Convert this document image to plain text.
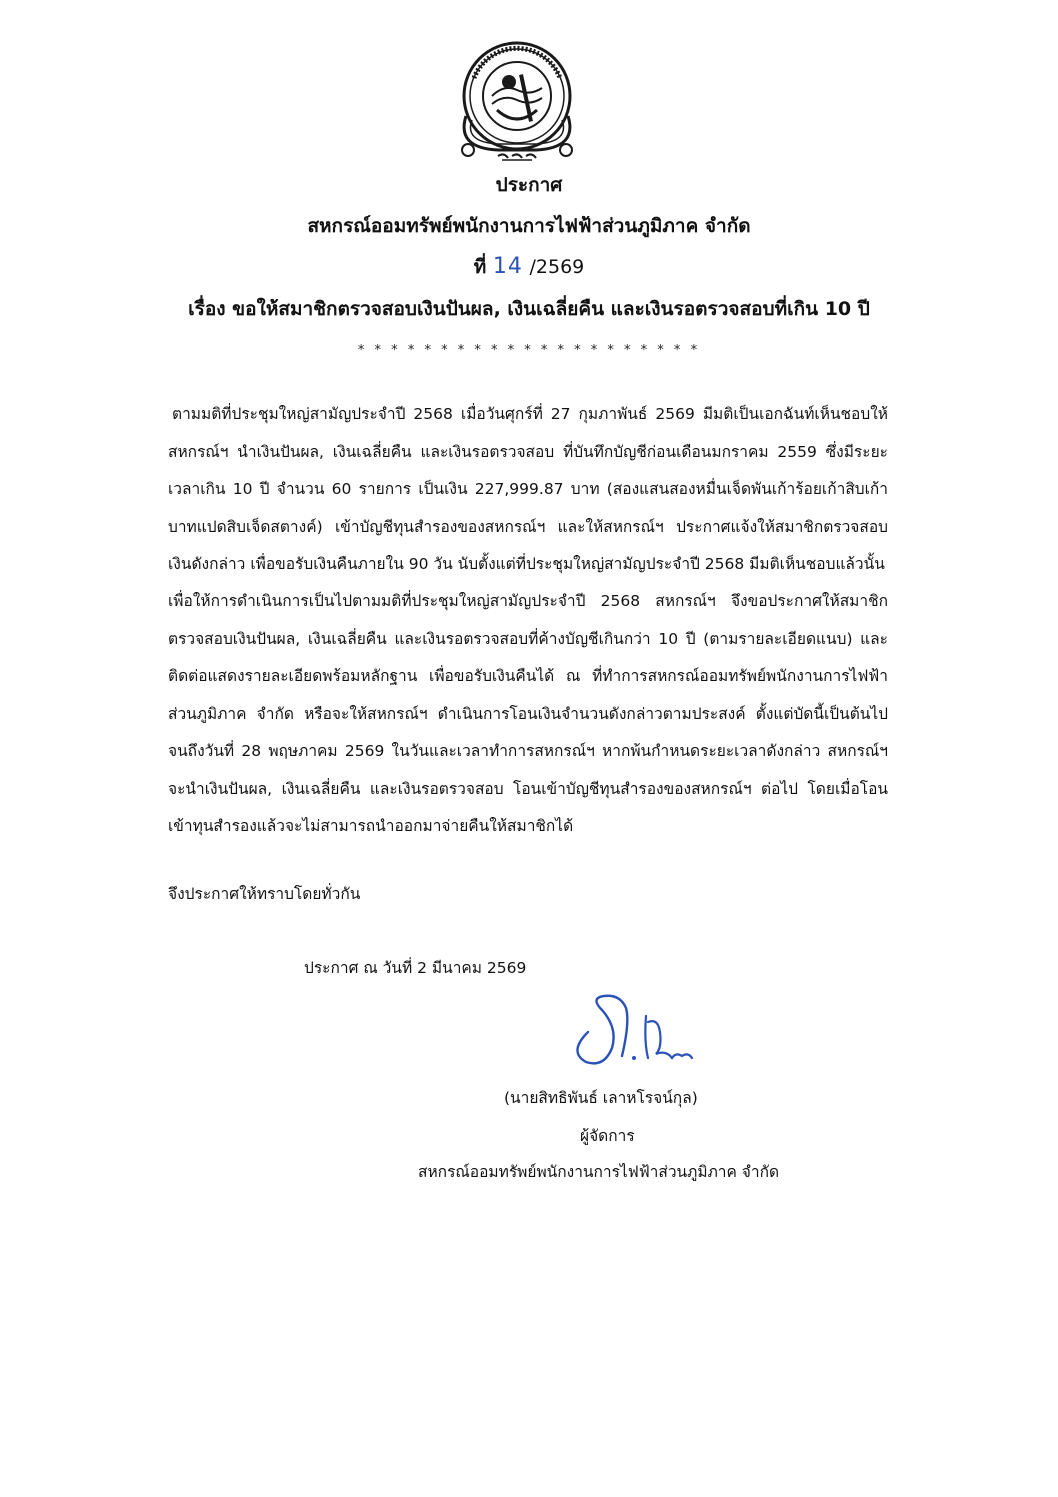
ประกาศ
สหกรณ์ออมทรัพย์พนักงานการไฟฟ้าส่วนภูมิภาค จำกัด
ที่ 14 /2569
เรื่อง ขอให้สมาชิกตรวจสอบเงินปันผล, เงินเฉลี่ยคืน และเงินรอตรวจสอบที่เกิน 10 ปี
* * * * * * * * * * * * * * * * * * * * *

ตามมติที่ประชุมใหญ่สามัญประจำปี 2568 เมื่อวันศุกร์ที่ 27 กุมภาพันธ์ 2569 มีมติเป็นเอกฉันท์เห็นชอบให้สหกรณ์ฯ นำเงินปันผล, เงินเฉลี่ยคืน และเงินรอตรวจสอบ ที่บันทึกบัญชีก่อนเดือนมกราคม 2559 ซึ่งมีระยะเวลาเกิน 10 ปี จำนวน 60 รายการ เป็นเงิน 227,999.87 บาท (สองแสนสองหมื่นเจ็ดพันเก้าร้อยเก้าสิบเก้าบาทแปดสิบเจ็ดสตางค์) เข้าบัญชีทุนสำรองของสหกรณ์ฯ และให้สหกรณ์ฯ ประกาศแจ้งให้สมาชิกตรวจสอบเงินดังกล่าว เพื่อขอรับเงินคืนภายใน 90 วัน นับตั้งแต่ที่ประชุมใหญ่สามัญประจำปี 2568 มีมติเห็นชอบแล้วนั้น

เพื่อให้การดำเนินการเป็นไปตามมติที่ประชุมใหญ่สามัญประจำปี 2568 สหกรณ์ฯ จึงขอประกาศให้สมาชิกตรวจสอบเงินปันผล, เงินเฉลี่ยคืน และเงินรอตรวจสอบที่ค้างบัญชีเกินกว่า 10 ปี (ตามรายละเอียดแนบ) และติดต่อแสดงรายละเอียดพร้อมหลักฐาน เพื่อขอรับเงินคืนได้ ณ ที่ทำการสหกรณ์ออมทรัพย์พนักงานการไฟฟ้าส่วนภูมิภาค จำกัด หรือจะให้สหกรณ์ฯ ดำเนินการโอนเงินจำนวนดังกล่าวตามประสงค์ ตั้งแต่บัดนี้เป็นต้นไปจนถึงวันที่ 28 พฤษภาคม 2569 ในวันและเวลาทำการสหกรณ์ฯ หากพ้นกำหนดระยะเวลาดังกล่าว สหกรณ์ฯ จะนำเงินปันผล, เงินเฉลี่ยคืน และเงินรอตรวจสอบ โอนเข้าบัญชีทุนสำรองของสหกรณ์ฯ ต่อไป โดยเมื่อโอนเข้าทุนสำรองแล้วจะไม่สามารถนำออกมาจ่ายคืนให้สมาชิกได้

จึงประกาศให้ทราบโดยทั่วกัน
ประกาศ ณ วันที่ 2 มีนาคม 2569
(นายสิทธิพันธ์ เลาหโรจน์กุล)
ผู้จัดการ
สหกรณ์ออมทรัพย์พนักงานการไฟฟ้าส่วนภูมิภาค จำกัด
